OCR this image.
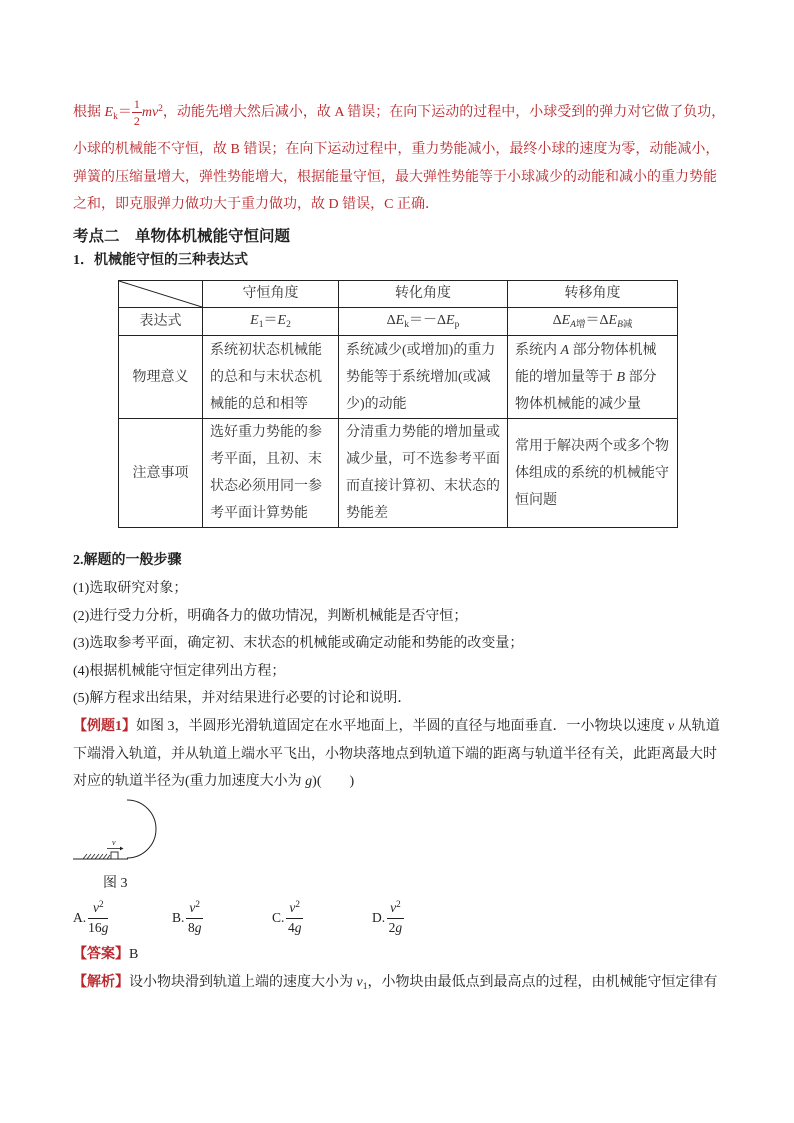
根据 $E_k= \frac{1}{2} mv^2$，动能先增大然后减小，故 A 错误；在向下运动的过程中，小球受到的弹力对它做了负功，
小球的机械能不守恒，故 B 错误；在向下运动过程中，重力势能减小，最终小球的速度为零，动能减小，
弹簧的压缩量增大，弹性势能增大，根据能量守恒，最大弹性势能等于小球减少的动能和减小的重力势能
之和，即克服弹力做功大于重力做功，故 D 错误，C 正确．
考点二　单物体机械能守恒问题
1．机械能守恒的三种表达式
	守恒角度	转化角度	转移角度
表达式	$E_1=E_2$	$\Delta E_k=-\Delta E_p$	$\Delta E_{A增}=\Delta E_{B减}$
物理意义	系统初状态机械能
的总和与末状态机
械能的总和相等	系统减少(或增加)的重力
势能等于系统增加(或减
少)的动能	系统内 A 部分物体机械
能的增加量等于 B 部分
物体机械能的减少量
注意事项	选好重力势能的参
考平面，且初、末
状态必须用同一参
考平面计算势能	分清重力势能的增加量或
减少量，可不选参考平面
而直接计算初、末状态的
势能差	常用于解决两个或多个物
体组成的系统的机械能守
恒问题
2.解题的一般步骤
(1)选取研究对象；
(2)进行受力分析，明确各力的做功情况，判断机械能是否守恒；
(3)选取参考平面，确定初、末状态的机械能或确定动能和势能的改变量；
(4)根据机械能守恒定律列出方程；
(5)解方程求出结果，并对结果进行必要的讨论和说明．
【例题1】如图 3，半圆形光滑轨道固定在水平地面上，半圆的直径与地面垂直．一小物块以速度 v 从轨道
下端滑入轨道，并从轨道上端水平飞出，小物块落地点到轨道下端的距离与轨道半径有关，此距离最大时
对应的轨道半径为(重力加速度大小为 g)(　　)
v
图 3
A. $\frac{v^2}{16g}$	B. $\frac{v^2}{8g}$	C. $\frac{v^2}{4g}$	D. $\frac{v^2}{2g}$
【答案】B
【解析】设小物块滑到轨道上端的速度大小为 $v_1$，小物块由最低点到最高点的过程，由机械能守恒定律有
